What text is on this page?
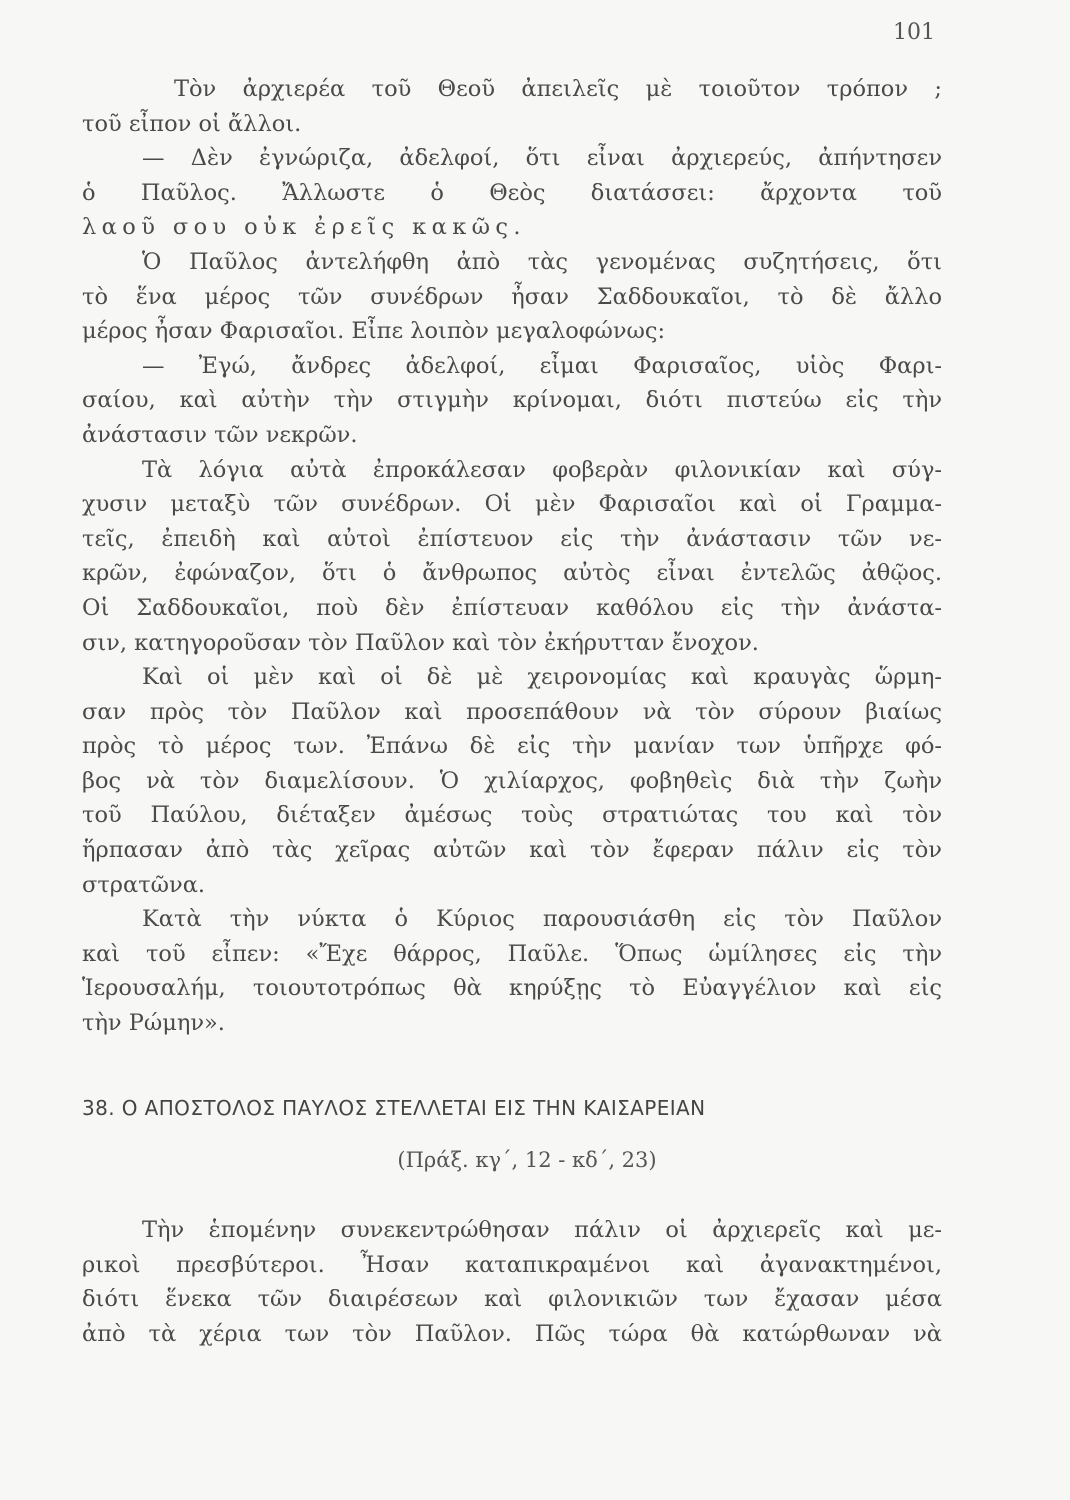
101
Τὸν ἀρχιερέα τοῦ Θεοῦ ἀπειλεῖς μὲ τοιοῦτον τρόπον ;
τοῦ εἶπον οἱ ἄλλοι.
— Δὲν ἐγνώριζα, ἀδελφοί, ὅτι εἶναι ἀρχιερεύς, ἀπήντησεν
ὁ Παῦλος. Ἄλλωστε ὁ Θεὸς διατάσσει: ἄρχοντα τοῦ
λαοῦ σου οὐκ ἐρεῖς κακῶς.
Ὁ Παῦλος ἀντελήφθη ἀπὸ τὰς γενομένας συζητήσεις, ὅτι
τὸ ἕνα μέρος τῶν συνέδρων ἦσαν Σαδδουκαῖοι, τὸ δὲ ἄλλο
μέρος ἦσαν Φαρισαῖοι. Εἶπε λοιπὸν μεγαλοφώνως:
— Ἐγώ, ἄνδρες ἀδελφοί, εἶμαι Φαρισαῖος, υἱὸς Φαρι-
σαίου, καὶ αὐτὴν τὴν στιγμὴν κρίνομαι, διότι πιστεύω εἰς τὴν
ἀνάστασιν τῶν νεκρῶν.
Τὰ λόγια αὐτὰ ἐπροκάλεσαν φοβερὰν φιλονικίαν καὶ σύγ-
χυσιν μεταξὺ τῶν συνέδρων. Οἱ μὲν Φαρισαῖοι καὶ οἱ Γραμμα-
τεῖς, ἐπειδὴ καὶ αὐτοὶ ἐπίστευον εἰς τὴν ἀνάστασιν τῶν νε-
κρῶν, ἐφώναζον, ὅτι ὁ ἄνθρωπος αὐτὸς εἶναι ἐντελῶς ἀθῷος.
Οἱ Σαδδουκαῖοι, ποὺ δὲν ἐπίστευαν καθόλου εἰς τὴν ἀνάστα-
σιν, κατηγοροῦσαν τὸν Παῦλον καὶ τὸν ἐκήρυτταν ἔνοχον.
Καὶ οἱ μὲν καὶ οἱ δὲ μὲ χειρονομίας καὶ κραυγὰς ὥρμη-
σαν πρὸς τὸν Παῦλον καὶ προσεπάθουν νὰ τὸν σύρουν βιαίως
πρὸς τὸ μέρος των. Ἐπάνω δὲ εἰς τὴν μανίαν των ὑπῆρχε φό-
βος νὰ τὸν διαμελίσουν. Ὁ χιλίαρχος, φοβηθεὶς διὰ τὴν ζωὴν
τοῦ Παύλου, διέταξεν ἀμέσως τοὺς στρατιώτας του καὶ τὸν
ἥρπασαν ἀπὸ τὰς χεῖρας αὐτῶν καὶ τὸν ἔφεραν πάλιν εἰς τὸν
στρατῶνα.
Κατὰ τὴν νύκτα ὁ Κύριος παρουσιάσθη εἰς τὸν Παῦλον
καὶ τοῦ εἶπεν: «Ἔχε θάρρος, Παῦλε. Ὅπως ὡμίλησες εἰς τὴν
Ἱερουσαλήμ, τοιουτοτρόπως θὰ κηρύξῃς τὸ Εὐαγγέλιον καὶ εἰς
τὴν Ρώμην».
38. Ο ΑΠΟΣΤΟΛΟΣ ΠΑΥΛΟΣ ΣΤΕΛΛΕΤΑΙ ΕΙΣ ΤΗΝ ΚΑΙΣΑΡΕΙΑΝ
(Πράξ. κγ΄, 12 - κδ΄, 23)
Τὴν ἑπομένην συνεκεντρώθησαν πάλιν οἱ ἀρχιερεῖς καὶ με-
ρικοὶ πρεσβύτεροι. Ἦσαν καταπικραμένοι καὶ ἀγανακτημένοι,
διότι ἕνεκα τῶν διαιρέσεων καὶ φιλονικιῶν των ἔχασαν μέσα
ἀπὸ τὰ χέρια των τὸν Παῦλον. Πῶς τώρα θὰ κατώρθωναν νὰ
